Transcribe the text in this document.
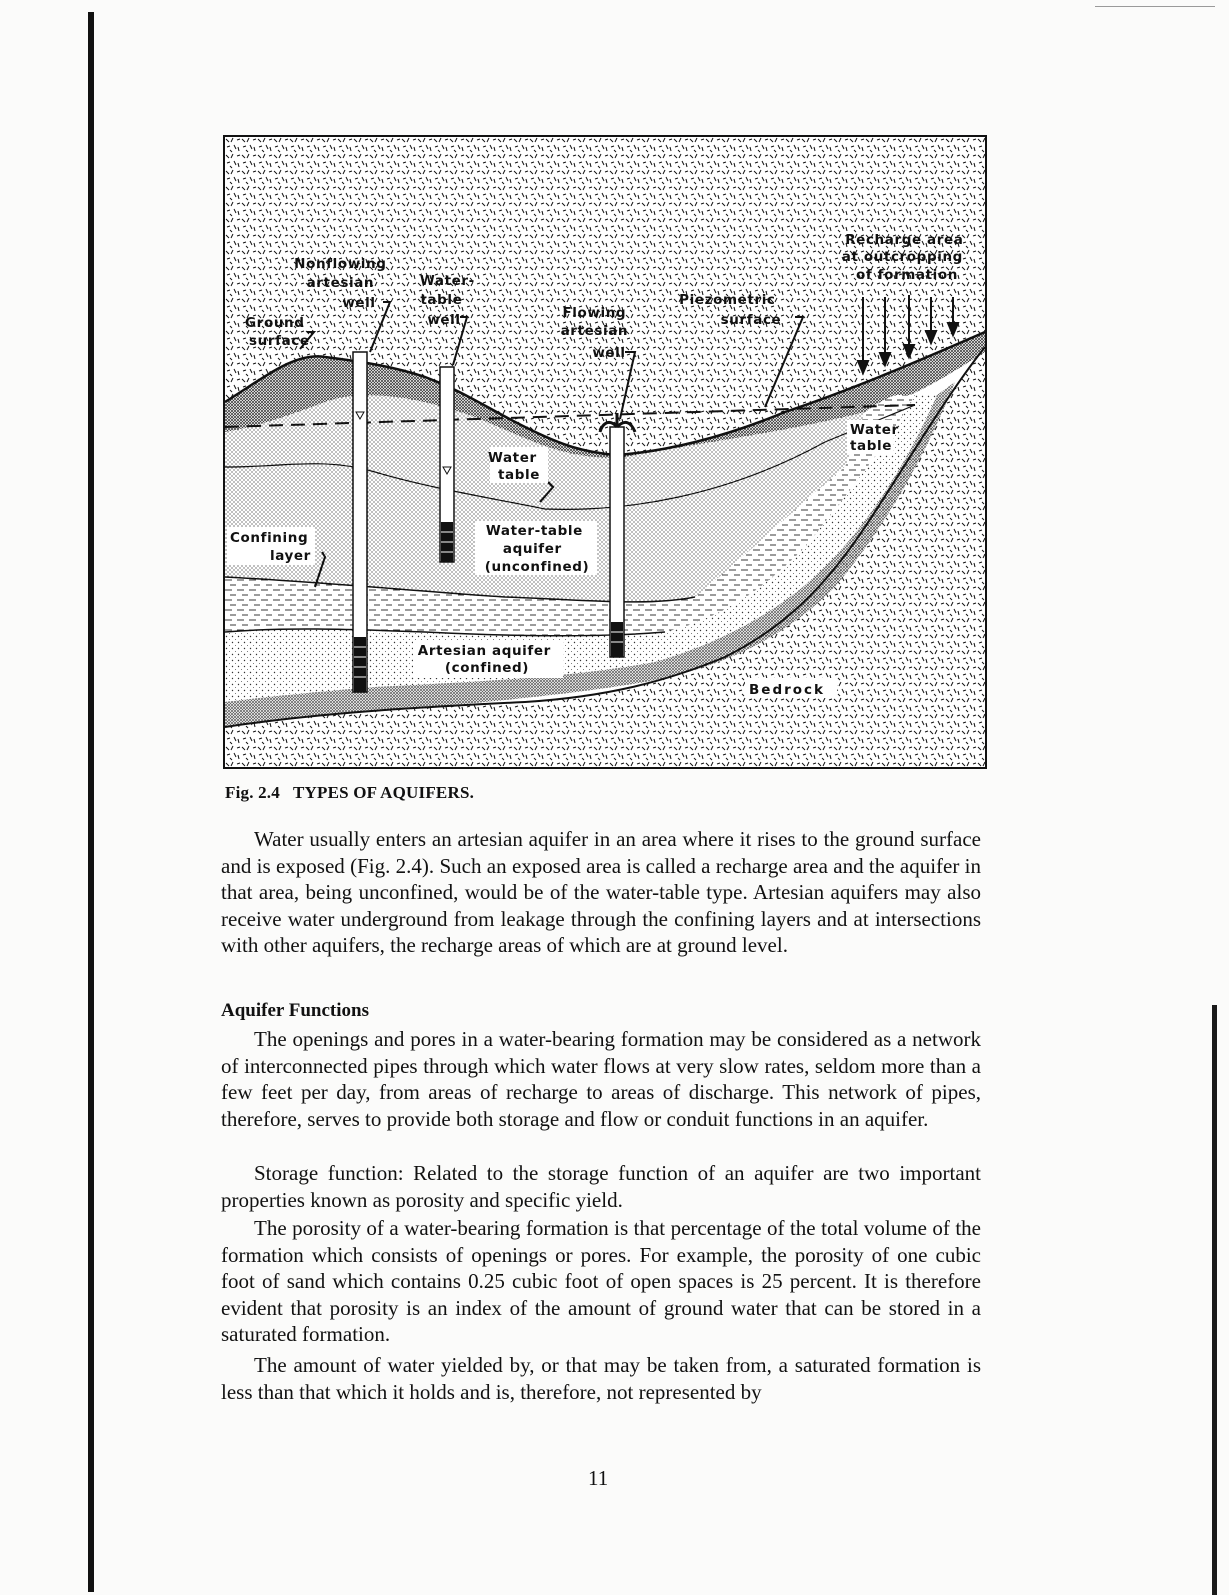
Nonflowing artesian well
Water- table well
Ground surface
Flowing artesian well
Piezometric surface
Recharge area at outcropping of formation
Water table
Water table
Confining layer
Water-table aquifer (unconfined)
Artesian aquifer (confined)
Bedrock
Fig. 2.4 TYPES OF AQUIFERS.

Water usually enters an artesian aquifer in an area where it rises to the ground surface and is exposed (Fig. 2.4). Such an exposed area is called a recharge area and the aquifer in that area, being unconfined, would be of the water-table type. Artesian aquifers may also receive water underground from leakage through the confining layers and at intersections with other aquifers, the recharge areas of which are at ground level.

Aquifer Functions

The openings and pores in a water-bearing formation may be considered as a network of interconnected pipes through which water flows at very slow rates, seldom more than a few feet per day, from areas of recharge to areas of discharge. This network of pipes, therefore, serves to provide both storage and flow or conduit functions in an aquifer.

Storage function: Related to the storage function of an aquifer are two important properties known as porosity and specific yield.

The porosity of a water-bearing formation is that percentage of the total volume of the formation which consists of openings or pores. For example, the porosity of one cubic foot of sand which contains 0.25 cubic foot of open spaces is 25 percent. It is therefore evident that porosity is an index of the amount of ground water that can be stored in a saturated formation.

The amount of water yielded by, or that may be taken from, a saturated formation is less than that which it holds and is, therefore, not represented by

11
